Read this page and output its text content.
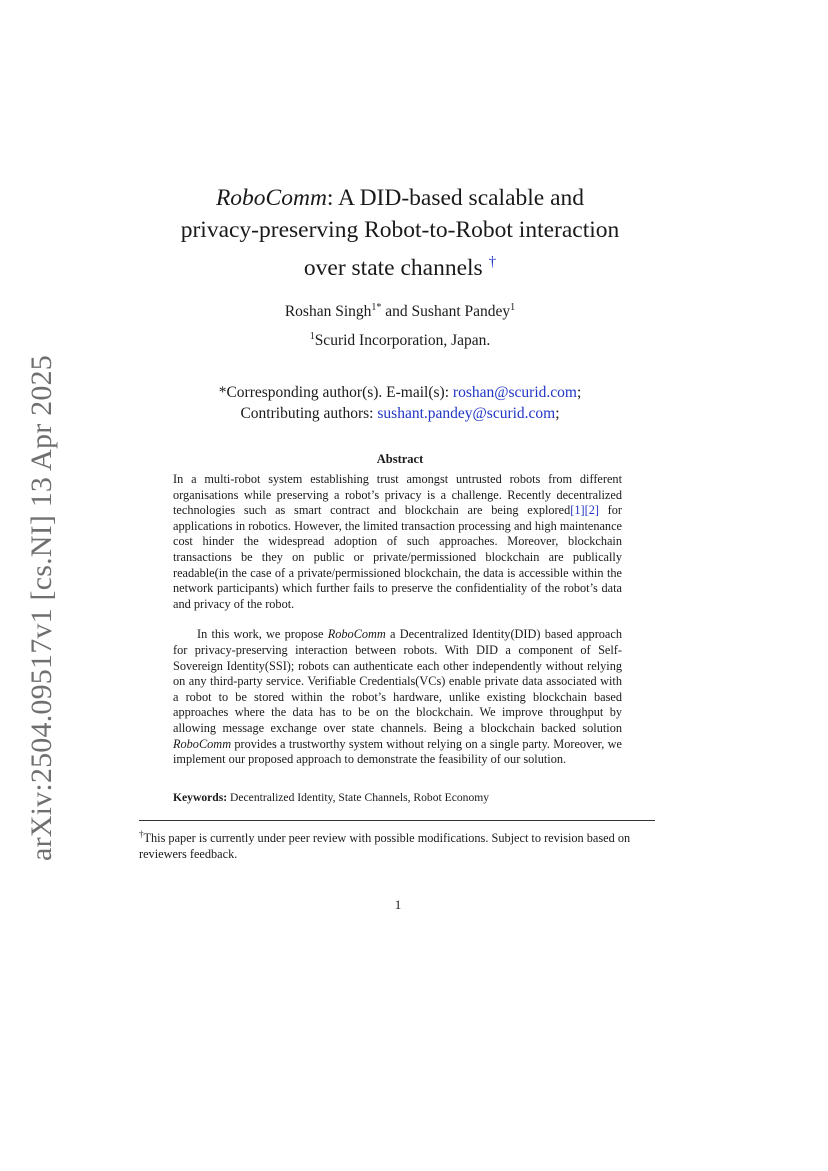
arXiv:2504.09517v1 [cs.NI] 13 Apr 2025
RoboComm: A DID-based scalable and
privacy-preserving Robot-to-Robot interaction
over state channels †
Roshan Singh$^{1*}$ and Sushant Pandey$^1$
$^1$Scurid Incorporation, Japan.
*Corresponding author(s). E-mail(s): roshan@scurid.com;
Contributing authors: sushant.pandey@scurid.com;
Abstract

In a multi-robot system establishing trust amongst untrusted robots from different organisations while preserving a robot’s privacy is a challenge. Recently decentralized technologies such as smart contract and blockchain are being explored[1][2] for applications in robotics. However, the limited transaction processing and high maintenance cost hinder the widespread adoption of such approaches. Moreover, blockchain transactions be they on public or private/permissioned blockchain are publically readable(in the case of a private/permissioned blockchain, the data is accessible within the network participants) which further fails to preserve the confidentiality of the robot’s data and privacy of the robot.

In this work, we propose RoboComm a Decentralized Identity(DID) based approach for privacy-preserving interaction between robots. With DID a component of Self-Sovereign Identity(SSI); robots can authenticate each other independently without relying on any third-party service. Verifiable Credentials(VCs) enable private data associated with a robot to be stored within the robot’s hardware, unlike existing blockchain based approaches where the data has to be on the blockchain. We improve throughput by allowing message exchange over state channels. Being a blockchain backed solution RoboComm provides a trustworthy system without relying on a single party. Moreover, we implement our proposed approach to demonstrate the feasibility of our solution.

Keywords: Decentralized Identity, State Channels, Robot Economy
†This paper is currently under peer review with possible modifications. Subject to revision based on reviewers feedback.
1
